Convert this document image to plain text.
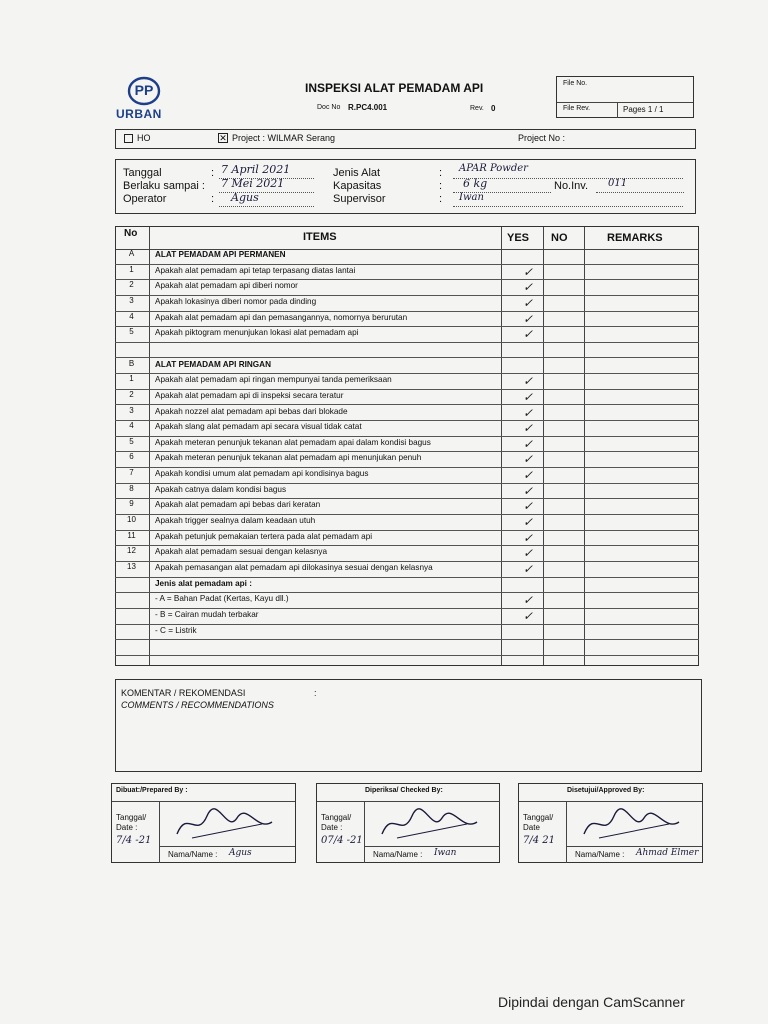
PP
URBAN
INSPEKSI ALAT PEMADAM API
Doc No R.PC4.001	Rev. 0
File No.
File Rev.	Pages 1 / 1
HO	✕ Project : WILMAR Serang	Project No :
Tanggal	: 7 April 2021
Berlaku sampai : 7 Mei 2021
Operator	: Agus
Jenis Alat	: APAR Powder
Kapasitas	: 6 kg	No.Inv. 011
Supervisor	: Iwan
No	ITEMS	YES NO	REMARKS
A	ALAT PEMADAM API PERMANEN
1	Apakah alat pemadam api tetap terpasang diatas lantai	✓
2	Apakah alat pemadam api diberi nomor	✓
3	Apakah lokasinya diberi nomor pada dinding	✓
4	Apakah alat pemadam api dan pemasangannya, nomornya berurutan	✓
5	Apakah piktogram menunjukan lokasi alat pemadam api	✓
B	ALAT PEMADAM API RINGAN
1	Apakah alat pemadam api ringan mempunyai tanda pemeriksaan	✓
2	Apakah alat pemadam api di inspeksi secara teratur	✓
3	Apakah nozzel alat pemadam api bebas dari blokade	✓
4	Apakah slang alat pemadam api secara visual tidak catat	✓
5	Apakah meteran penunjuk tekanan alat pemadam apai dalam kondisi bagus	✓
6	Apakah meteran penunjuk tekanan alat pemadam api menunjukan penuh	✓
7	Apakah kondisi umum alat pemadam api kondisinya bagus	✓
8	Apakah catnya dalam kondisi bagus	✓
9	Apakah alat pemadam api bebas dari keratan	✓
10	Apakah trigger sealnya dalam keadaan utuh	✓
11	Apakah petunjuk pemakaian tertera pada alat pemadam api	✓
12	Apakah alat pemadam sesuai dengan kelasnya	✓
13	Apakah pemasangan alat pemadam api dilokasinya sesuai dengan kelasnya	✓
Jenis alat pemadam api :
- A = Bahan Padat (Kertas, Kayu dll.)	✓
- B = Cairan mudah terbakar	✓
- C = Listrik
KOMENTAR / REKOMENDASI	:
COMMENTS / RECOMMENDATIONS
Dibuat:/Prepared By :
Tanggal/ Date :
7/4 -21
Nama/Name : Agus
Diperiksa/ Checked By:
Tanggal/ Date :
07/4 -21
Nama/Name : Iwan
Disetujui/Approved By:
Tanggal/ Date
7/4 21
Nama/Name : Ahmad Elmer
Dipindai dengan CamScanner
